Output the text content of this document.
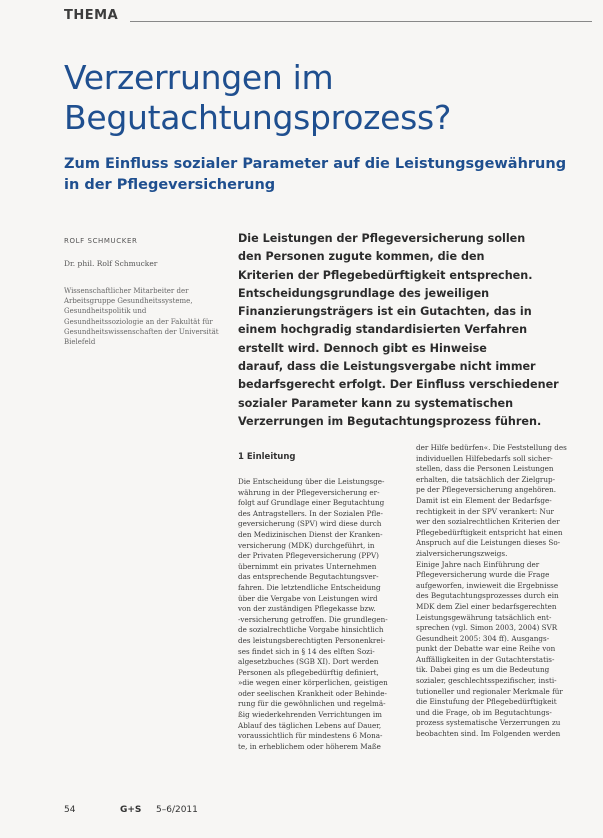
THEMA
Verzerrungen im Begutachtungsprozess?
Zum Einfluss sozialer Parameter auf die Leistungsgewährung in der Pflegeversicherung
ROLF SCHMUCKER
Dr. phil. Rolf Schmucker
Wissenschaftlicher Mitarbeiter der Arbeitsgruppe Gesundheitssysteme, Gesundheitspolitik und Gesundheitssoziologie an der Fakultät für Gesundheitswissenschaften der Universität Bielefeld
Die Leistungen der Pflegeversicherung sollen
den Personen zugute kommen, die den
Kriterien der Pflegebedürftigkeit entsprechen.
Entscheidungsgrundlage des jeweiligen
Finanzierungsträgers ist ein Gutachten, das in
einem hochgradig standardisierten Verfahren
erstellt wird. Dennoch gibt es Hinweise
darauf, dass die Leistungsvergabe nicht immer
bedarfsgerecht erfolgt. Der Einfluss verschiedener
sozialer Parameter kann zu systematischen
Verzerrungen im Begutachtungsprozess führen.
1 Einleitung
Die Entscheidung über die Leistungsge-
währung in der Pflegeversicherung er-
folgt auf Grundlage einer Begutachtung
des Antragstellers. In der Sozialen Pfle-
geversicherung (SPV) wird diese durch
den Medizinischen Dienst der Kranken-
versicherung (MDK) durchgeführt, in
der Privaten Pflegeversicherung (PPV)
übernimmt ein privates Unternehmen
das entsprechende Begutachtungsver-
fahren. Die letztendliche Entscheidung
über die Vergabe von Leistungen wird
von der zuständigen Pflegekasse bzw.
-versicherung getroffen. Die grundlegen-
de sozialrechtliche Vorgabe hinsichtlich
des leistungsberechtigten Personenkrei-
ses findet sich in § 14 des elften Sozi-
algesetzbuches (SGB XI). Dort werden
Personen als pflegebedürftig definiert,
»die wegen einer körperlichen, geistigen
oder seelischen Krankheit oder Behinde-
rung für die gewöhnlichen und regelmä-
ßig wiederkehrenden Verrichtungen im
Ablauf des täglichen Lebens auf Dauer,
voraussichtlich für mindestens 6 Mona-
te, in erheblichem oder höherem Maße
der Hilfe bedürfen«. Die Feststellung des
individuellen Hilfebedarfs soll sicher-
stellen, dass die Personen Leistungen
erhalten, die tatsächlich der Zielgrup-
pe der Pflegeversicherung angehören.
Damit ist ein Element der Bedarfsge-
rechtigkeit in der SPV verankert: Nur
wer den sozialrechtlichen Kriterien der
Pflegebedürftigkeit entspricht hat einen
Anspruch auf die Leistungen dieses So-
zialversicherungszweigs.
Einige Jahre nach Einführung der
Pflegeversicherung wurde die Frage
aufgeworfen, inwieweit die Ergebnisse
des Begutachtungsprozesses durch ein
MDK dem Ziel einer bedarfsgerechten
Leistungsgewährung tatsächlich ent-
sprechen (vgl. Simon 2003, 2004) SVR
Gesundheit 2005: 304 ff). Ausgangs-
punkt der Debatte war eine Reihe von
Auffälligkeiten in der Gutachterstatis-
tik. Dabei ging es um die Bedeutung
sozialer, geschlechtsspezifischer, insti-
tutioneller und regionaler Merkmale für
die Einstufung der Pflegebedürftigkeit
und die Frage, ob im Begutachtungs-
prozess systematische Verzerrungen zu
beobachten sind. Im Folgenden werden
54	G+S 5–6/2011
